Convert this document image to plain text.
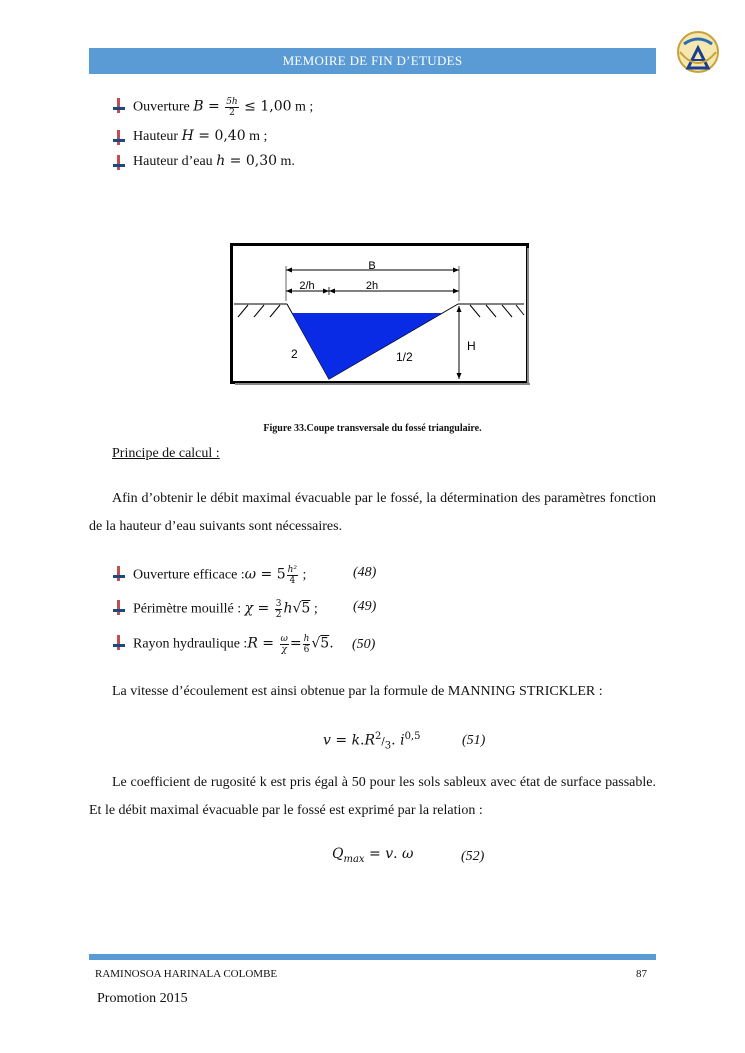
MEMOIRE DE FIN D’ETUDES
Ouverture $B = \frac{5h}{2} \le 1,00$ m ;
Hauteur H = 0,40 m ;
Hauteur d’eau h = 0,30 m.
B
2/h	2h
H
2	1/2
Figure 33.Coupe transversale du fossé triangulaire.
Principe de calcul :
Afin d’obtenir le débit maximal évacuable par le fossé, la détermination des paramètres fonction de la hauteur d’eau suivants sont nécessaires.
Ouverture efficace :ω = $5 \frac{\text{h²}}{4}$ ;	(48)
Périmètre mouillé : $\chi = \frac{3}{2} h√5$ ;	(49)
Rayon hydraulique :R = $\frac{\omega}{\chi} = \frac{h}{6} √5$. (50)
La vitesse d’écoulement est ainsi obtenue par la formule de MANNING STRICKLER :
$v = k.R^2/_3$. $i^{0,5}$	(51)
Le coefficient de rugosité k est pris égal à 50 pour les sols sableux avec état de surface passable. Et le débit maximal évacuable par le fossé est exprimé par la relation :
$Q_{max} = v$. ω	(52)
RAMINOSOA HARINALA COLOMBE	87
Promotion 2015
